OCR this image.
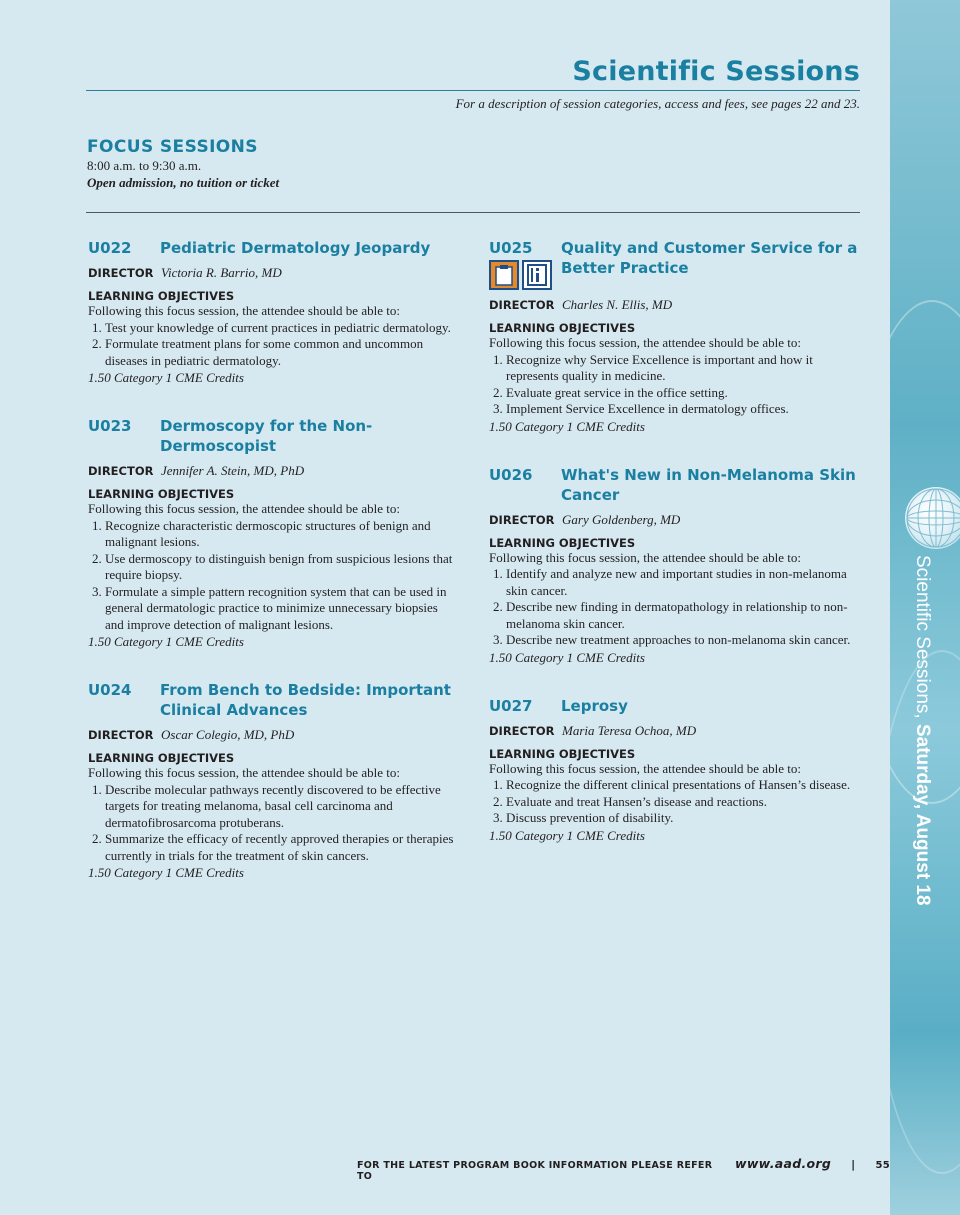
Scientific Sessions
For a description of session categories, access and fees, see pages 22 and 23.
FOCUS SESSIONS
8:00 a.m. to 9:30 a.m.
Open admission, no tuition or ticket
U022	Pediatric Dermatology Jeopardy
DIRECTOR Victoria R. Barrio, MD
LEARNING OBJECTIVES
Following this focus session, the attendee should be able to:
1. Test your knowledge of current practices in pediatric dermatology.
2. Formulate treatment plans for some common and uncommon diseases in pediatric dermatology.
1.50 Category 1 CME Credits
U023	Dermoscopy for the Non-Dermoscopist
DIRECTOR Jennifer A. Stein, MD, PhD
LEARNING OBJECTIVES
Following this focus session, the attendee should be able to:
1. Recognize characteristic dermoscopic structures of benign and malignant lesions.
2. Use dermoscopy to distinguish benign from suspicious lesions that require biopsy.
3. Formulate a simple pattern recognition system that can be used in general dermatologic practice to minimize unnecessary biopsies and improve detection of malignant lesions.
1.50 Category 1 CME Credits
U024	From Bench to Bedside: Important Clinical Advances
DIRECTOR Oscar Colegio, MD, PhD
LEARNING OBJECTIVES
Following this focus session, the attendee should be able to:
1. Describe molecular pathways recently discovered to be effective targets for treating melanoma, basal cell carcinoma and dermatofibrosarcoma protuberans.
2. Summarize the efficacy of recently approved therapies or therapies currently in trials for the treatment of skin cancers.
1.50 Category 1 CME Credits
U025	Quality and Customer Service for a Better Practice
DIRECTOR Charles N. Ellis, MD
LEARNING OBJECTIVES
Following this focus session, the attendee should be able to:
1. Recognize why Service Excellence is important and how it represents quality in medicine.
2. Evaluate great service in the office setting.
3. Implement Service Excellence in dermatology offices.
1.50 Category 1 CME Credits
U026	What's New in Non-Melanoma Skin Cancer
DIRECTOR Gary Goldenberg, MD
LEARNING OBJECTIVES
Following this focus session, the attendee should be able to:
1. Identify and analyze new and important studies in non-melanoma skin cancer.
2. Describe new finding in dermatopathology in relationship to non-melanoma skin cancer.
3. Describe new treatment approaches to non-melanoma skin cancer.
1.50 Category 1 CME Credits
U027	Leprosy
DIRECTOR Maria Teresa Ochoa, MD
LEARNING OBJECTIVES
Following this focus session, the attendee should be able to:
1. Recognize the different clinical presentations of Hansen’s disease.
2. Evaluate and treat Hansen’s disease and reactions.
3. Discuss prevention of disability.
1.50 Category 1 CME Credits
FOR THE LATEST PROGRAM BOOK INFORMATION PLEASE REFER TO
www.aad.org | 55
Scientific Sessions, Saturday, August 18
